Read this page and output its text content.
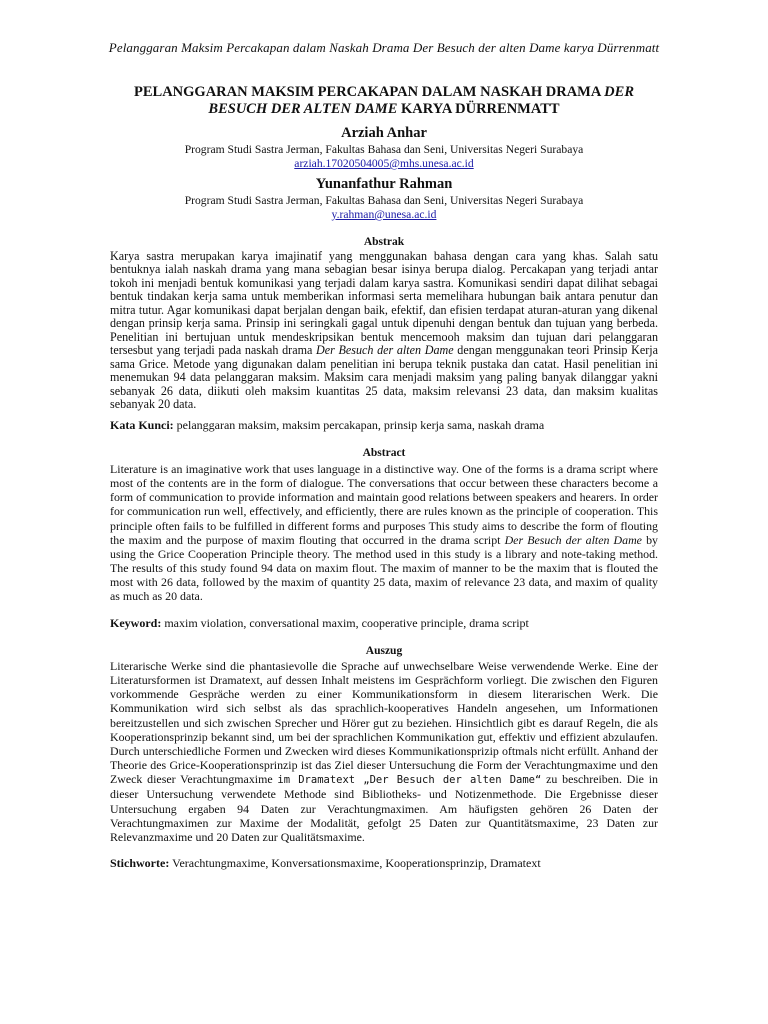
Pelanggaran Maksim Percakapan dalam Naskah Drama Der Besuch der alten Dame karya Dürrenmatt
PELANGGARAN MAKSIM PERCAKAPAN DALAM NASKAH DRAMA DER BESUCH DER ALTEN DAME KARYA DÜRRENMATT
Arziah Anhar
Program Studi Sastra Jerman, Fakultas Bahasa dan Seni, Universitas Negeri Surabaya
arziah.17020504005@mhs.unesa.ac.id
Yunanfathur Rahman
Program Studi Sastra Jerman, Fakultas Bahasa dan Seni, Universitas Negeri Surabaya
y.rahman@unesa.ac.id
Abstrak
Karya sastra merupakan karya imajinatif yang menggunakan bahasa dengan cara yang khas. Salah satu bentuknya ialah naskah drama yang mana sebagian besar isinya berupa dialog. Percakapan yang terjadi antar tokoh ini menjadi bentuk komunikasi yang terjadi dalam karya sastra. Komunikasi sendiri dapat dilihat sebagai bentuk tindakan kerja sama untuk memberikan informasi serta memelihara hubungan baik antara penutur dan mitra tutur. Agar komunikasi dapat berjalan dengan baik, efektif, dan efisien terdapat aturan-aturan yang dikenal dengan prinsip kerja sama. Prinsip ini seringkali gagal untuk dipenuhi dengan bentuk dan tujuan yang berbeda. Penelitian ini bertujuan untuk mendeskripsikan bentuk mencemooh maksim dan tujuan dari pelanggaran tersesbut yang terjadi pada naskah drama Der Besuch der alten Dame dengan menggunakan teori Prinsip Kerja sama Grice. Metode yang digunakan dalam penelitian ini berupa teknik pustaka dan catat. Hasil penelitian ini menemukan 94 data pelanggaran maksim. Maksim cara menjadi maksim yang paling banyak dilanggar yakni sebanyak 26 data, diikuti oleh maksim kuantitas 25 data, maksim relevansi 23 data, dan maksim kualitas sebanyak 20 data.
Kata Kunci: pelanggaran maksim, maksim percakapan, prinsip kerja sama, naskah drama
Abstract
Literature is an imaginative work that uses language in a distinctive way. One of the forms is a drama script where most of the contents are in the form of dialogue. The conversations that occur between these characters become a form of communication to provide information and maintain good relations between speakers and hearers. In order for communication run well, effectively, and efficiently, there are rules known as the principle of cooperation. This principle often fails to be fulfilled in different forms and purposes This study aims to describe the form of flouting the maxim and the purpose of maxim flouting that occurred in the drama script Der Besuch der alten Dame by using the Grice Cooperation Principle theory. The method used in this study is a library and note-taking method. The results of this study found 94 data on maxim flout. The maxim of manner to be the maxim that is flouted the most with 26 data, followed by the maxim of quantity 25 data, maxim of relevance 23 data, and maxim of quality as much as 20 data.
Keyword: maxim violation, conversational maxim, cooperative principle, drama script
Auszug
Literarische Werke sind die phantasievolle die Sprache auf unwechselbare Weise verwendende Werke. Eine der Literatursformen ist Dramatext, auf dessen Inhalt meistens im Gesprächform vorliegt. Die zwischen den Figuren vorkommende Gespräche werden zu einer Kommunikationsform in diesem literarischen Werk. Die Kommunikation wird sich selbst als das sprachlich-kooperatives Handeln angesehen, um Informationen bereitzustellen und sich zwischen Sprecher und Hörer gut zu beziehen. Hinsichtlich gibt es darauf Regeln, die als Kooperationsprinzip bekannt sind, um bei der sprachlichen Kommunikation gut, effektiv und effizient abzulaufen. Durch unterschiedliche Formen und Zwecken wird dieses Kommunikationsprizip oftmals nicht erfüllt. Anhand der Theorie des Grice-Kooperationsprinzip ist das Ziel dieser Untersuchung die Form der Verachtungmaxime und den Zweck dieser Verachtungmaxime im Dramatext „Der Besuch der alten Dame“ zu beschreiben. Die in dieser Untersuchung verwendete Methode sind Bibliotheks- und Notizenmethode. Die Ergebnisse dieser Untersuchung ergaben 94 Daten zur Verachtungmaximen. Am häufigsten gehören 26 Daten der Verachtungmaximen zur Maxime der Modalität, gefolgt 25 Daten zur Quantitätsmaxime, 23 Daten zur Relevanzmaxime und 20 Daten zur Qualitätsmaxime.
Stichworte: Verachtungmaxime, Konversationsmaxime, Kooperationsprinzip, Dramatext
